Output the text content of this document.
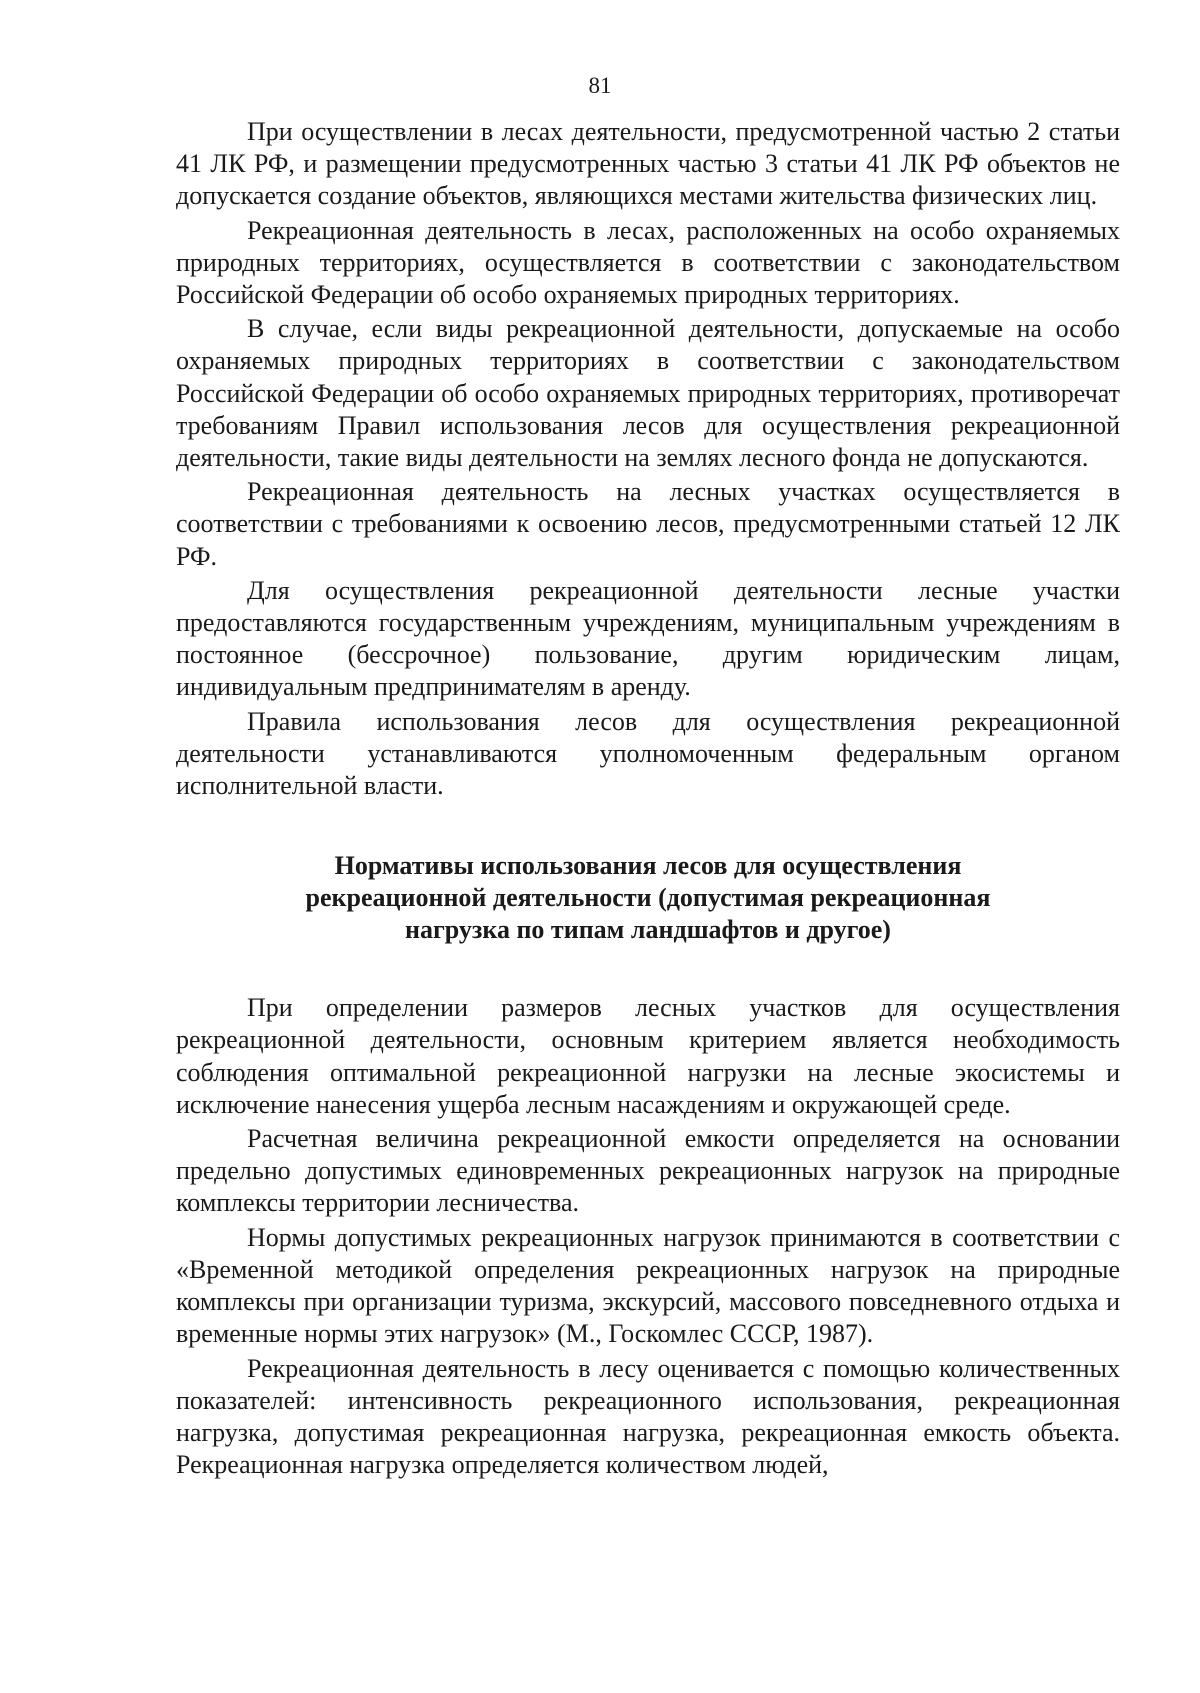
81

При осуществлении в лесах деятельности, предусмотренной частью 2 статьи 41 ЛК РФ, и размещении предусмотренных частью 3 статьи 41 ЛК РФ объектов не допускается создание объектов, являющихся местами жительства физических лиц.

Рекреационная деятельность в лесах, расположенных на особо охраняемых природных территориях, осуществляется в соответствии с законодательством Российской Федерации об особо охраняемых природных территориях.

В случае, если виды рекреационной деятельности, допускаемые на особо охраняемых природных территориях в соответствии с законодательством Российской Федерации об особо охраняемых природных территориях, противоречат требованиям Правил использования лесов для осуществления рекреационной деятельности, такие виды деятельности на землях лесного фонда не допускаются.

Рекреационная деятельность на лесных участках осуществляется в соответствии с требованиями к освоению лесов, предусмотренными статьей 12 ЛК РФ.

Для осуществления рекреационной деятельности лесные участки предоставляются государственным учреждениям, муниципальным учреждениям в постоянное (бессрочное) пользование, другим юридическим лицам, индивидуальным предпринимателям в аренду.

Правила использования лесов для осуществления рекреационной деятельности устанавливаются уполномоченным федеральным органом исполнительной власти.

Нормативы использования лесов для осуществления
рекреационной деятельности (допустимая рекреационная
нагрузка по типам ландшафтов и другое)

При определении размеров лесных участков для осуществления рекреационной деятельности, основным критерием является необходимость соблюдения оптимальной рекреационной нагрузки на лесные экосистемы и исключение нанесения ущерба лесным насаждениям и окружающей среде.

Расчетная величина рекреационной емкости определяется на основании предельно допустимых единовременных рекреационных нагрузок на природные комплексы территории лесничества.

Нормы допустимых рекреационных нагрузок принимаются в соответствии с «Временной методикой определения рекреационных нагрузок на природные комплексы при организации туризма, экскурсий, массового повседневного отдыха и временные нормы этих нагрузок» (М., Госкомлес СССР, 1987).

Рекреационная деятельность в лесу оценивается с помощью количественных показателей: интенсивность рекреационного использования, рекреационная нагрузка, допустимая рекреационная нагрузка, рекреационная емкость объекта. Рекреационная нагрузка определяется количеством людей,
